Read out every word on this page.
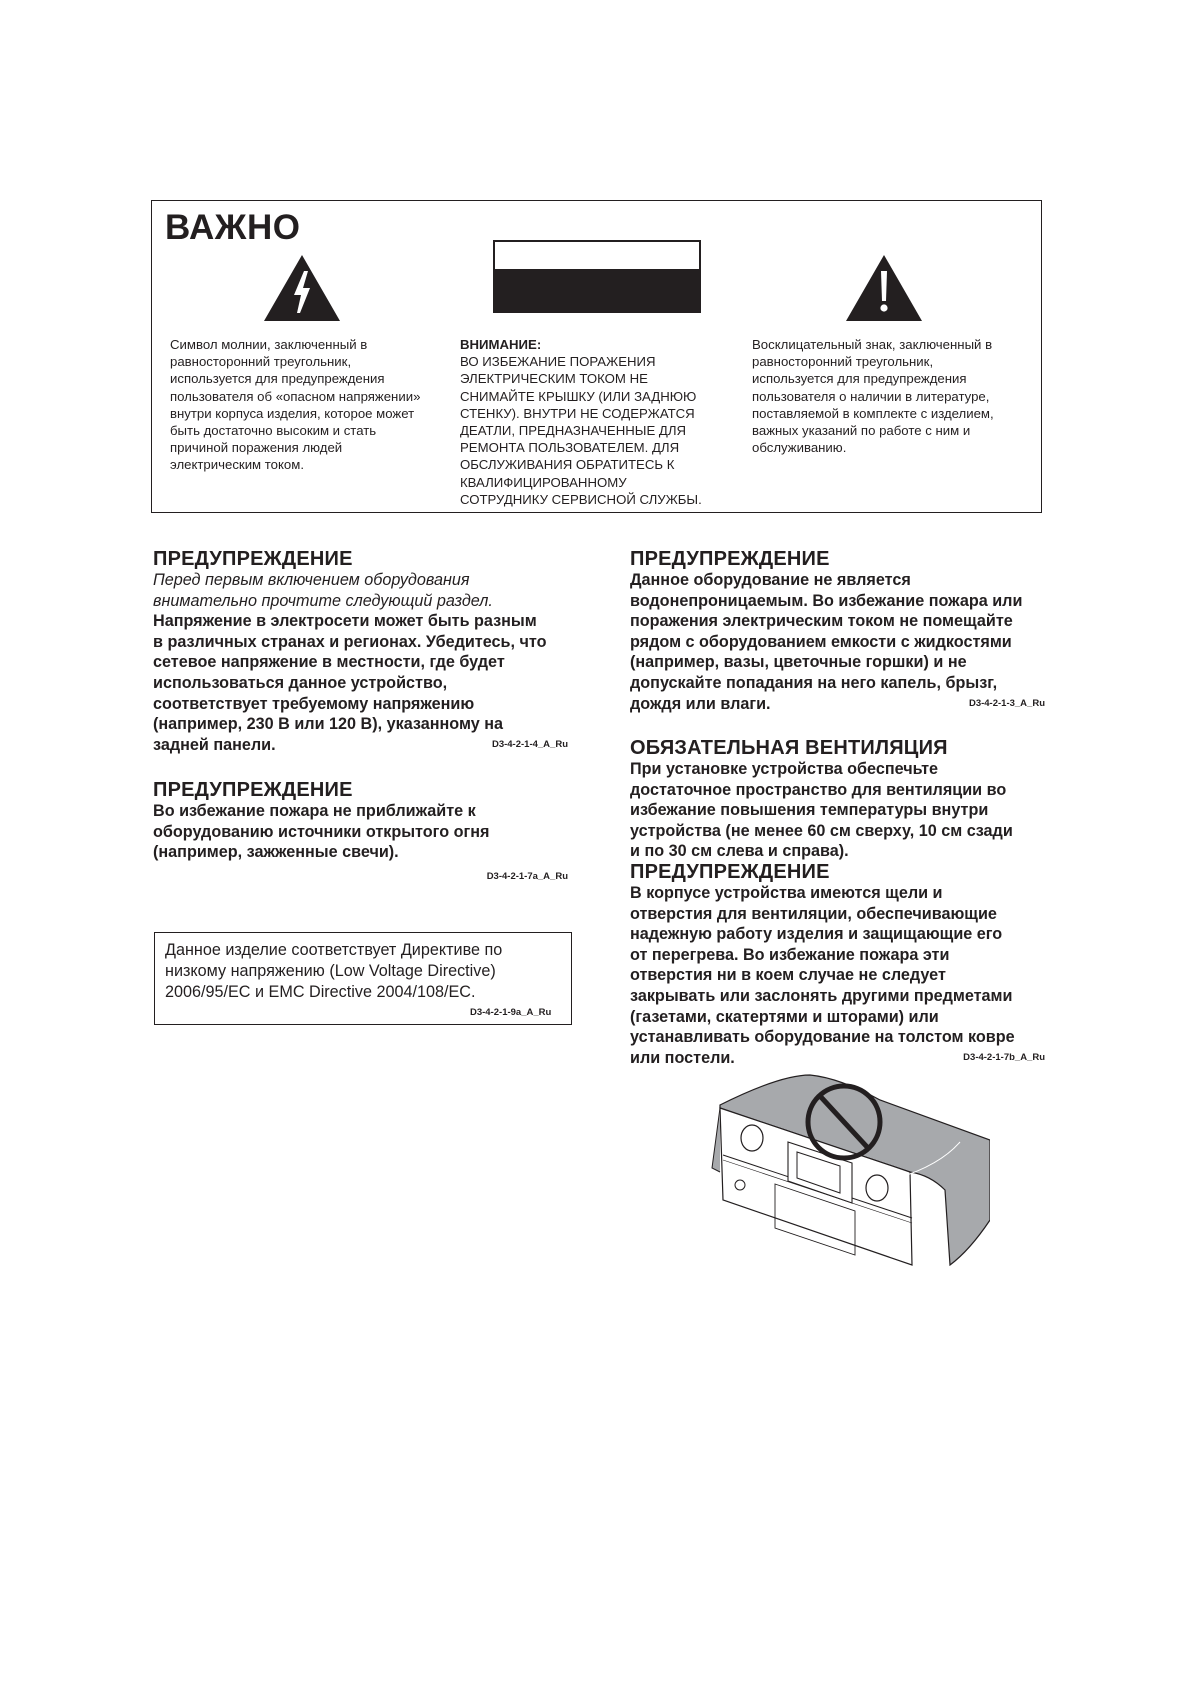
ВАЖНО

Символ молнии, заключенный в

равносторонний треугольник,

используется для предупреждения

пользователя об «опасном напряжении»

внутри корпуса изделия, которое может

быть достаточно высоким и стать

причиной поражения людей

электрическим током.

ВНИМАНИЕ:

ВО ИЗБЕЖАНИЕ ПОРАЖЕНИЯ

ЭЛЕКТРИЧЕСКИМ ТОКОМ НЕ

СНИМАЙТЕ КРЫШКУ (ИЛИ ЗАДНЮЮ

СТЕНКУ). ВНУТРИ НЕ СОДЕРЖАТСЯ

ДЕАТЛИ, ПРЕДНАЗНАЧЕННЫЕ ДЛЯ

РЕМОНТА ПОЛЬЗОВАТЕЛЕМ. ДЛЯ

ОБСЛУЖИВАНИЯ ОБРАТИТЕСЬ К

КВАЛИФИЦИРОВАННОМУ

СОТРУДНИКУ СЕРВИСНОЙ СЛУЖБЫ.

Восклицательный знак, заключенный в

равносторонний треугольник,

используется для предупреждения

пользователя о наличии в литературе,

поставляемой в комплекте с изделием,

важных указаний по работе с ним и

обслуживанию.

ПРЕДУПРЕЖДЕНИЕ

Перед первым включением оборудования

внимательно прочтите следующий раздел.

Напряжение в электросети может быть разным

в различных странах и регионах. Убедитесь, что

сетевое напряжение в местности, где будет

использоваться данное устройство,

соответствует требуемому напряжению

(например, 230 В или 120 В), указанному на

задней панели.	D3-4-2-1-4_A_Ru

ПРЕДУПРЕЖДЕНИЕ

Во избежание пожара не приближайте к

оборудованию источники открытого огня

(например, зажженные свечи).

D3-4-2-1-7a_A_Ru

Данное изделие соответствует Директиве по

низкому напряжению (Low Voltage Directive)

2006/95/EC и EMC Directive 2004/108/EC.

D3-4-2-1-9a_A_Ru

ПРЕДУПРЕЖДЕНИЕ

Данное оборудование не является

водонепроницаемым. Во избежание пожара или

поражения электрическим током не помещайте

рядом с оборудованием емкости с жидкостями

(например, вазы, цветочные горшки) и не

допускайте попадания на него капель, брызг,

дождя или влаги.	D3-4-2-1-3_A_Ru

ОБЯЗАТЕЛЬНАЯ ВЕНТИЛЯЦИЯ

При установке устройства обеспечьте

достаточное пространство для вентиляции во

избежание повышения температуры внутри

устройства (не менее 60 см сверху, 10 см сзади

и по 30 см слева и справа).

ПРЕДУПРЕЖДЕНИЕ

В корпусе устройства имеются щели и

отверстия для вентиляции, обеспечивающие

надежную работу изделия и защищающие его

от перегрева. Во избежание пожара эти

отверстия ни в коем случае не следует

закрывать или заслонять другими предметами

(газетами, скатертями и шторами) или

устанавливать оборудование на толстом ковре

или постели.	D3-4-2-1-7b_A_Ru
